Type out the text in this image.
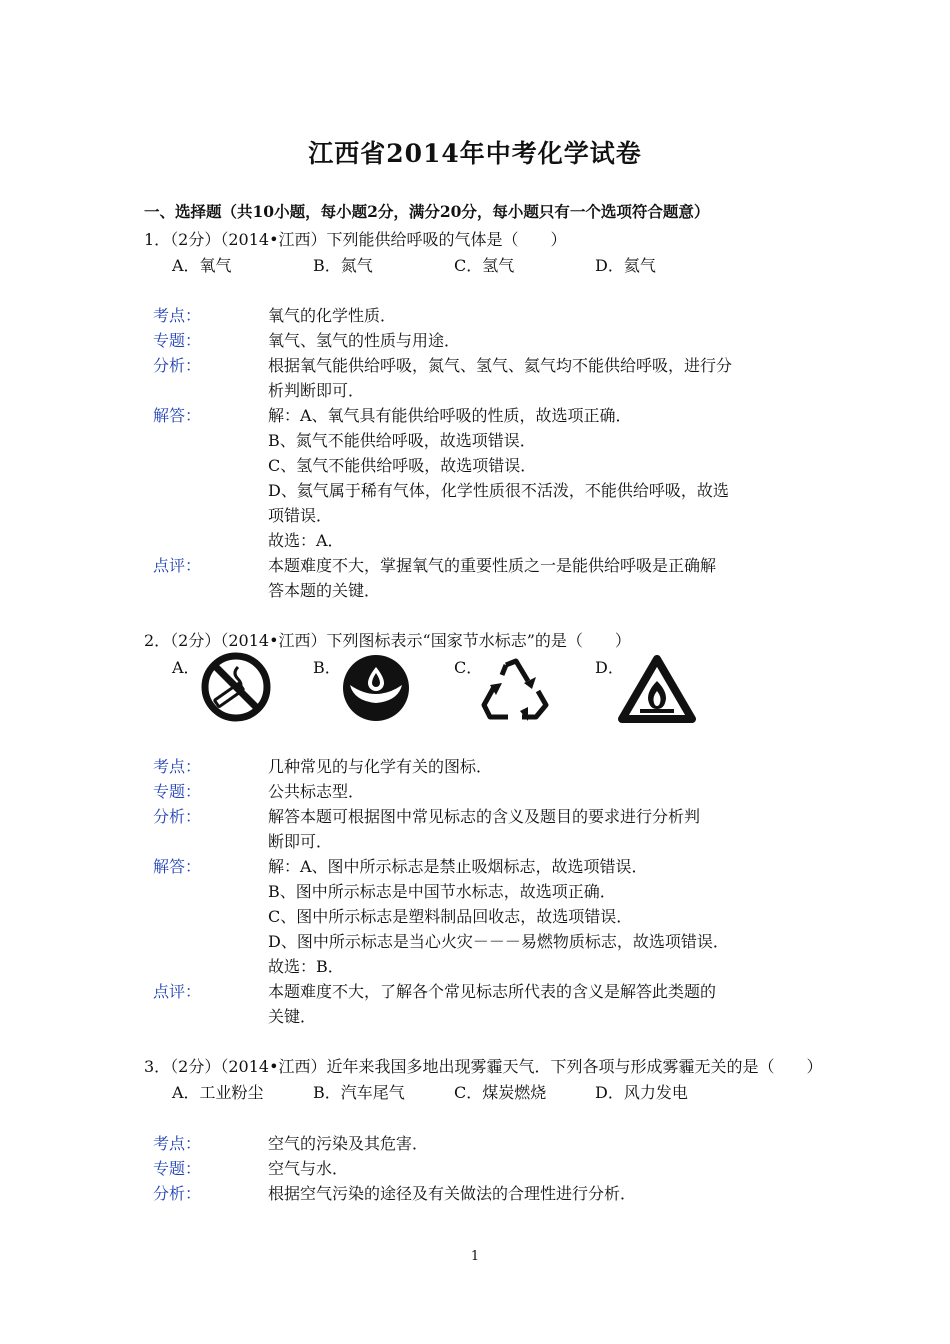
江西省2014年中考化学试卷
一、选择题（共10小题，每小题2分，满分20分，每小题只有一个选项符合题意）
1．（2分）（2014•江西）下列能供给呼吸的气体是（　　）
A．氧气	B．氮气	C．氢气	D．氦气
考点：	氧气的化学性质．
专题：	氧气、氢气的性质与用途．
分析：	根据氧气能供给呼吸，氮气、氢气、氦气均不能供给呼吸，进行分
析判断即可．
解答：	解：A、氧气具有能供给呼吸的性质，故选项正确．
B、氮气不能供给呼吸，故选项错误．
C、氢气不能供给呼吸，故选项错误．
D、氦气属于稀有气体，化学性质很不活泼，不能供给呼吸，故选
项错误．
故选：A．
点评：	本题难度不大，掌握氧气的重要性质之一是能供给呼吸是正确解
答本题的关键．
2．（2分）（2014•江西）下列图标表示“国家节水标志”的是（　　）
A．	B．	C．	D．
考点：	几种常见的与化学有关的图标．
专题：	公共标志型．
分析：	解答本题可根据图中常见标志的含义及题目的要求进行分析判
断即可．
解答：	解：A、图中所示标志是禁止吸烟标志，故选项错误．
B、图中所示标志是中国节水标志，故选项正确．
C、图中所示标志是塑料制品回收志，故选项错误．
D、图中所示标志是当心火灾－－－易燃物质标志，故选项错误．
故选：B．
点评：	本题难度不大，了解各个常见标志所代表的含义是解答此类题的
关键．
3．（2分）（2014•江西）近年来我国多地出现雾霾天气．下列各项与形成雾霾无关的是（　　）
A．工业粉尘	B．汽车尾气	C．煤炭燃烧	D．风力发电
考点：	空气的污染及其危害．
专题：	空气与水．
分析：	根据空气污染的途径及有关做法的合理性进行分析．
1
